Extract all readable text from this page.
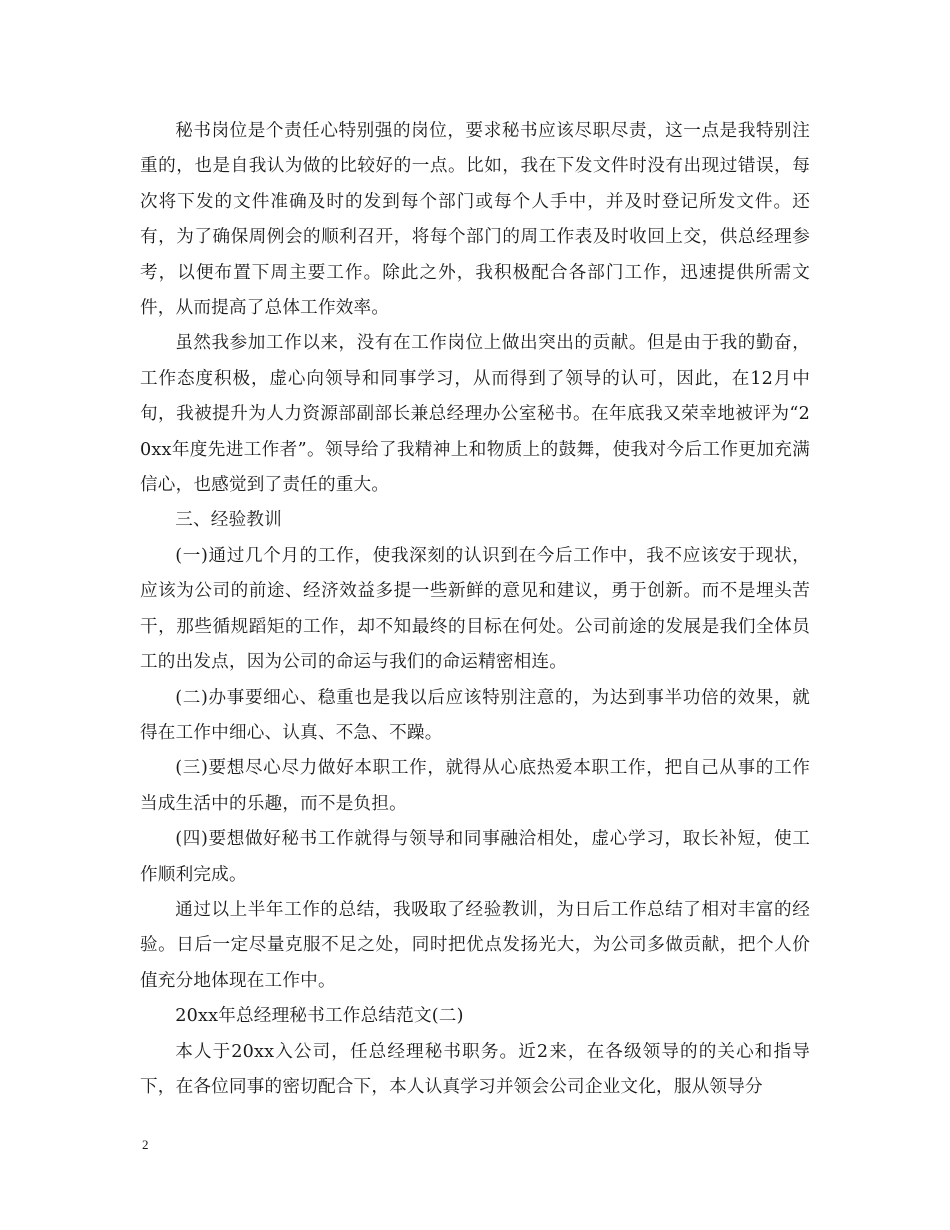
秘书岗位是个责任心特别强的岗位，要求秘书应该尽职尽责，这一点是我特别注重的，也是自我认为做的比较好的一点。比如，我在下发文件时没有出现过错误，每次将下发的文件准确及时的发到每个部门或每个人手中，并及时登记所发文件。还有，为了确保周例会的顺利召开，将每个部门的周工作表及时收回上交，供总经理参考，以便布置下周主要工作。除此之外，我积极配合各部门工作，迅速提供所需文件，从而提高了总体工作效率。

虽然我参加工作以来，没有在工作岗位上做出突出的贡献。但是由于我的勤奋，工作态度积极，虚心向领导和同事学习，从而得到了领导的认可，因此，在12月中旬，我被提升为人力资源部副部长兼总经理办公室秘书。在年底我又荣幸地被评为“20xx年度先进工作者”。领导给了我精神上和物质上的鼓舞，使我对今后工作更加充满信心，也感觉到了责任的重大。

三、经验教训

(一)通过几个月的工作，使我深刻的认识到在今后工作中，我不应该安于现状，应该为公司的前途、经济效益多提一些新鲜的意见和建议，勇于创新。而不是埋头苦干，那些循规蹈矩的工作，却不知最终的目标在何处。公司前途的发展是我们全体员工的出发点，因为公司的命运与我们的命运精密相连。

(二)办事要细心、稳重也是我以后应该特别注意的，为达到事半功倍的效果，就得在工作中细心、认真、不急、不躁。

(三)要想尽心尽力做好本职工作，就得从心底热爱本职工作，把自己从事的工作当成生活中的乐趣，而不是负担。

(四)要想做好秘书工作就得与领导和同事融洽相处，虚心学习，取长补短，使工作顺利完成。

通过以上半年工作的总结，我吸取了经验教训，为日后工作总结了相对丰富的经验。日后一定尽量克服不足之处，同时把优点发扬光大，为公司多做贡献，把个人价值充分地体现在工作中。

20xx年总经理秘书工作总结范文(二)

本人于20xx入公司，任总经理秘书职务。近2来，在各级领导的的关心和指导下，在各位同事的密切配合下，本人认真学习并领会公司企业文化，服从领导分

2
